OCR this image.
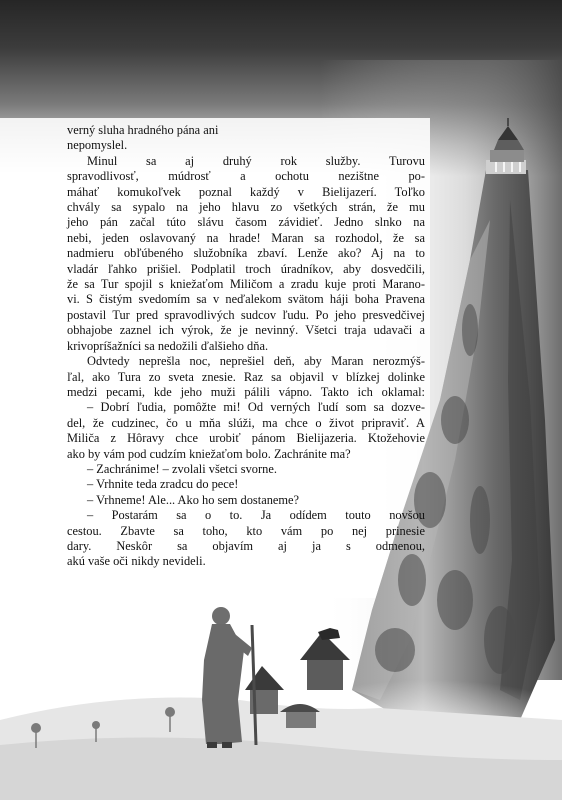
verný sluha hradného pána ani
nepomyslel.
Minul sa aj druhý rok služby. Turovu
spravodlivosť, múdrosť a ochotu nezištne po-
máhať komukoľvek poznal každý v Bielijazerí. Toľko
chvály sa sypalo na jeho hlavu zo všetkých strán, že mu
jeho pán začal túto slávu časom závidieť. Jedno slnko na
nebi, jeden oslavovaný na hrade! Maran sa rozhodol, že sa
nadmieru obľúbeného služobníka zbaví. Lenže ako? Aj na to
vladár ľahko prišiel. Podplatil troch úradníkov, aby dosvedčili,
že sa Tur spojil s kniežaťom Miličom a zradu kuje proti Marano-
vi. S čistým svedomím sa v neďalekom svätom háji boha Pravena
postavil Tur pred spravodlivých sudcov ľudu. Po jeho presvedčivej
obhajobe zaznel ich výrok, že je nevinný. Všetci traja udavači a
krivopríšažníci sa nedožili ďalšieho dňa.
Odvtedy neprešla noc, neprešiel deň, aby Maran nerozmýš-
ľal, ako Tura zo sveta znesie. Raz sa objavil v blízkej dolinke
medzi pecami, kde jeho muži pálili vápno. Takto ich oklamal:
– Dobrí ľudia, pomôžte mi! Od verných ľudí som sa dozve-
del, že cudzinec, čo u mňa slúži, ma chce o život pripraviť. A
Miliča z Hôravy chce urobiť pánom Bielijazeria. Ktožehovie
ako by vám pod cudzím kniežaťom bolo. Zachránite ma?
– Zachránime! – zvolali všetci svorne.
– Vrhnite teda zradcu do pece!
– Vrhneme! Ale... Ako ho sem dostaneme?
– Postarám sa o to. Ja odídem touto novšou
cestou. Zbavte sa toho, kto vám po nej prinesie
dary. Neskôr sa objavím aj ja s odmenou,
akú vaše oči nikdy nevideli.
